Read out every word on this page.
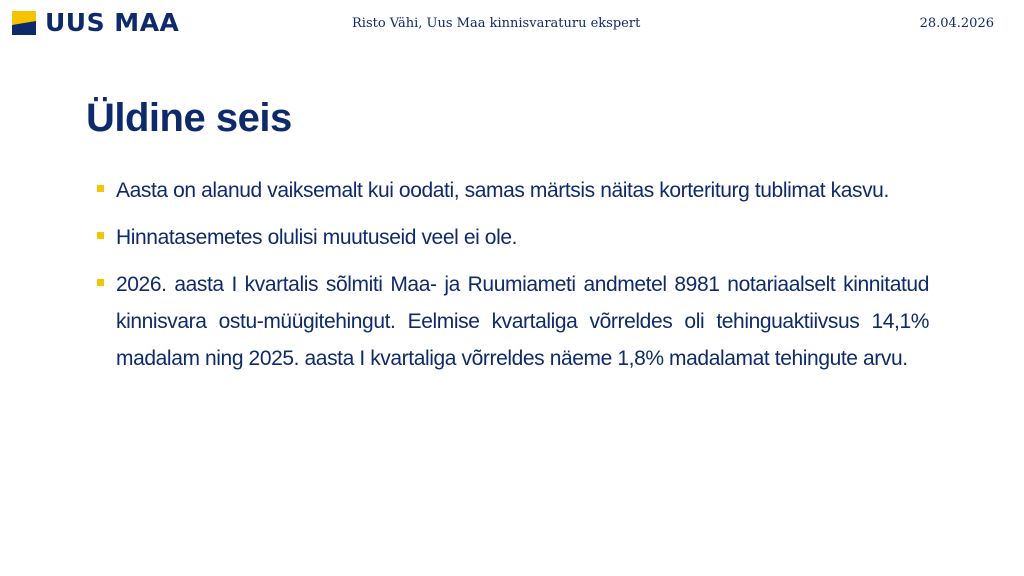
UUS MAA	Risto Vähi, Uus Maa kinnisvaraturu ekspert	28.04.2026
Üldine seis
Aasta on alanud vaiksemalt kui oodati, samas märtsis näitas korteriturg tublimat kasvu.
Hinnatasemetes olulisi muutuseid veel ei ole.
2026. aasta I kvartalis sõlmiti Maa- ja Ruumiameti andmetel 8981 notariaalselt kinnitatud kinnisvara ostu-müügitehingut. Eelmise kvartaliga võrreldes oli tehinguaktiivsus 14,1% madalam ning 2025. aasta I kvartaliga võrreldes näeme 1,8% madalamat tehingute arvu.
